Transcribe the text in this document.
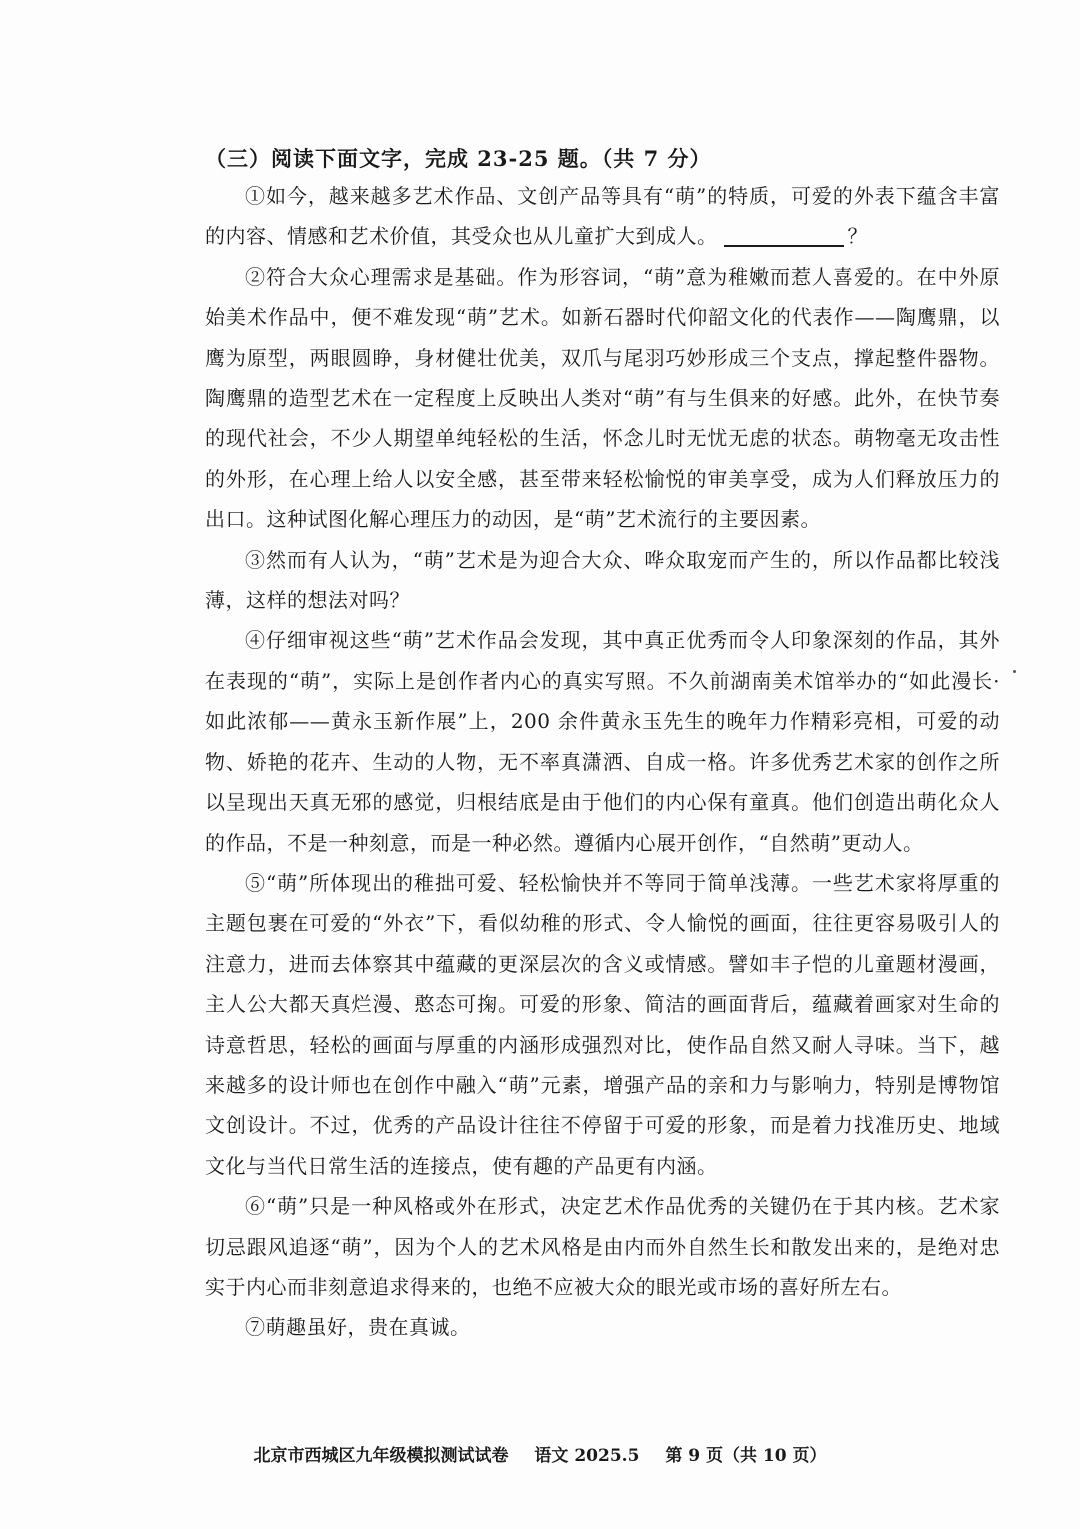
（三）阅读下面文字，完成 23-25 题。（共 7 分）

①如今，越来越多艺术作品、文创产品等具有“萌”的特质，可爱的外表下蕴含丰富的内容、情感和艺术价值，其受众也从儿童扩大到成人。	？

②符合大众心理需求是基础。作为形容词，“萌”意为稚嫩而惹人喜爱的。在中外原始美术作品中，便不难发现“萌”艺术。如新石器时代仰韶文化的代表作——陶鹰鼎，以鹰为原型，两眼圆睁，身材健壮优美，双爪与尾羽巧妙形成三个支点，撑起整件器物。陶鹰鼎的造型艺术在一定程度上反映出人类对“萌”有与生俱来的好感。此外，在快节奏的现代社会，不少人期望单纯轻松的生活，怀念儿时无忧无虑的状态。萌物毫无攻击性的外形，在心理上给人以安全感，甚至带来轻松愉悦的审美享受，成为人们释放压力的出口。这种试图化解心理压力的动因，是“萌”艺术流行的主要因素。

③然而有人认为，“萌”艺术是为迎合大众、哗众取宠而产生的，所以作品都比较浅薄，这样的想法对吗？

④仔细审视这些“萌”艺术作品会发现，其中真正优秀而令人印象深刻的作品，其外在表现的“萌”，实际上是创作者内心的真实写照。不久前湖南美术馆举办的“如此漫长·如此浓郁——黄永玉新作展”上，200 余件黄永玉先生的晚年力作精彩亮相，可爱的动物、娇艳的花卉、生动的人物，无不率真潇洒、自成一格。许多优秀艺术家的创作之所以呈现出天真无邪的感觉，归根结底是由于他们的内心保有童真。他们创造出萌化众人的作品，不是一种刻意，而是一种必然。遵循内心展开创作，“自然萌”更动人。

⑤“萌”所体现出的稚拙可爱、轻松愉快并不等同于简单浅薄。一些艺术家将厚重的主题包裹在可爱的“外衣”下，看似幼稚的形式、令人愉悦的画面，往往更容易吸引人的注意力，进而去体察其中蕴藏的更深层次的含义或情感。譬如丰子恺的儿童题材漫画，主人公大都天真烂漫、憨态可掬。可爱的形象、简洁的画面背后，蕴藏着画家对生命的诗意哲思，轻松的画面与厚重的内涵形成强烈对比，使作品自然又耐人寻味。当下，越来越多的设计师也在创作中融入“萌”元素，增强产品的亲和力与影响力，特别是博物馆文创设计。不过，优秀的产品设计往往不停留于可爱的形象，而是着力找准历史、地域文化与当代日常生活的连接点，使有趣的产品更有内涵。

⑥“萌”只是一种风格或外在形式，决定艺术作品优秀的关键仍在于其内核。艺术家切忌跟风追逐“萌”，因为个人的艺术风格是由内而外自然生长和散发出来的，是绝对忠实于内心而非刻意追求得来的，也绝不应被大众的眼光或市场的喜好所左右。

⑦萌趣虽好，贵在真诚。

北京市西城区九年级模拟测试试卷 语文 2025.5 第 9 页（共 10 页）
